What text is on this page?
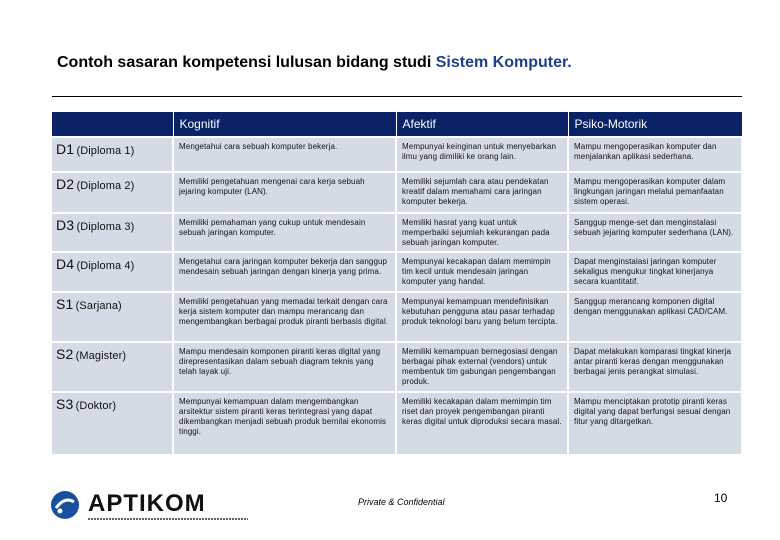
Contoh sasaran kompetensi lulusan bidang studi Sistem Komputer.
	Kognitif	Afektif	Psiko-Motorik
D1 (Diploma 1)	Mengetahui cara sebuah komputer bekerja.	Mempunyai keinginan untuk menyebarkan ilmu yang dimiliki ke orang lain.	Mampu mengoperasikan komputer dan menjalankan aplikasi sederhana.
D2 (Diploma 2)	Memiliki pengetahuan mengenai cara kerja sebuah jejaring komputer (LAN).	Memiliki sejumlah cara atau pendekatan kreatif dalam memahami cara jaringan komputer bekerja.	Mampu mengoperasikan komputer dalam lingkungan jaringan melalui pemanfaatan sistem operasi.
D3 (Diploma 3)	Memiliki pemahaman yang cukup untuk mendesain sebuah jaringan komputer.	Memiliki hasrat yang kuat untuk memperbaiki sejumlah kekurangan pada sebuah jaringan komputer.	Sanggup menge-set dan menginstalasi sebuah jejaring komputer sederhana (LAN).
D4 (Diploma 4)	Mengetahui cara jaringan komputer bekerja dan sanggup mendesain sebuah jaringan dengan kinerja yang prima.	Mempunyai kecakapan dalam memimpin tim kecil untuk mendesain jaringan komputer yang handal.	Dapat menginstalasi jaringan komputer sekaligus mengukur tingkat kinerjanya secara kuantitatif.
S1 (Sarjana)	Memiliki pengetahuan yang memadai terkait dengan cara kerja sistem komputer dan mampu merancang dan mengembangkan berbagai produk piranti berbasis digital.	Mempunyai kemampuan mendefinisikan kebutuhan pengguna atau pasar terhadap produk teknologi baru yang belum tercipta.	Sanggup merancang komponen digital dengan menggunakan aplikasi CAD/CAM.
S2 (Magister)	Mampu mendesain komponen piranti keras digital yang direpresentasikan dalam sebuah diagram teknis yang telah layak uji.	Memiliki kemampuan bernegosiasi dengan berbagai pihak external (vendors) untuk membentuk tim gabungan pengembangan produk.	Dapat melakukan komparasi tingkat kinerja antar piranti keras dengan menggunakan berbagai jenis perangkat simulasi.
S3 (Doktor)	Mempunyai kemampuan dalam mengembangkan arsitektur sistem piranti keras terintegrasi yang dapat dikembangkan menjadi sebuah produk bernilai ekonomis tinggi.	Memiliki kecakapan dalam memimpin tim riset dan proyek pengembangan piranti keras digital untuk diproduksi secara masal.	Mampu menciptakan prototip piranti keras digital yang dapat berfungsi sesuai dengan fitur yang ditargetkan.
APTIKOM	Private & Confidential	10
